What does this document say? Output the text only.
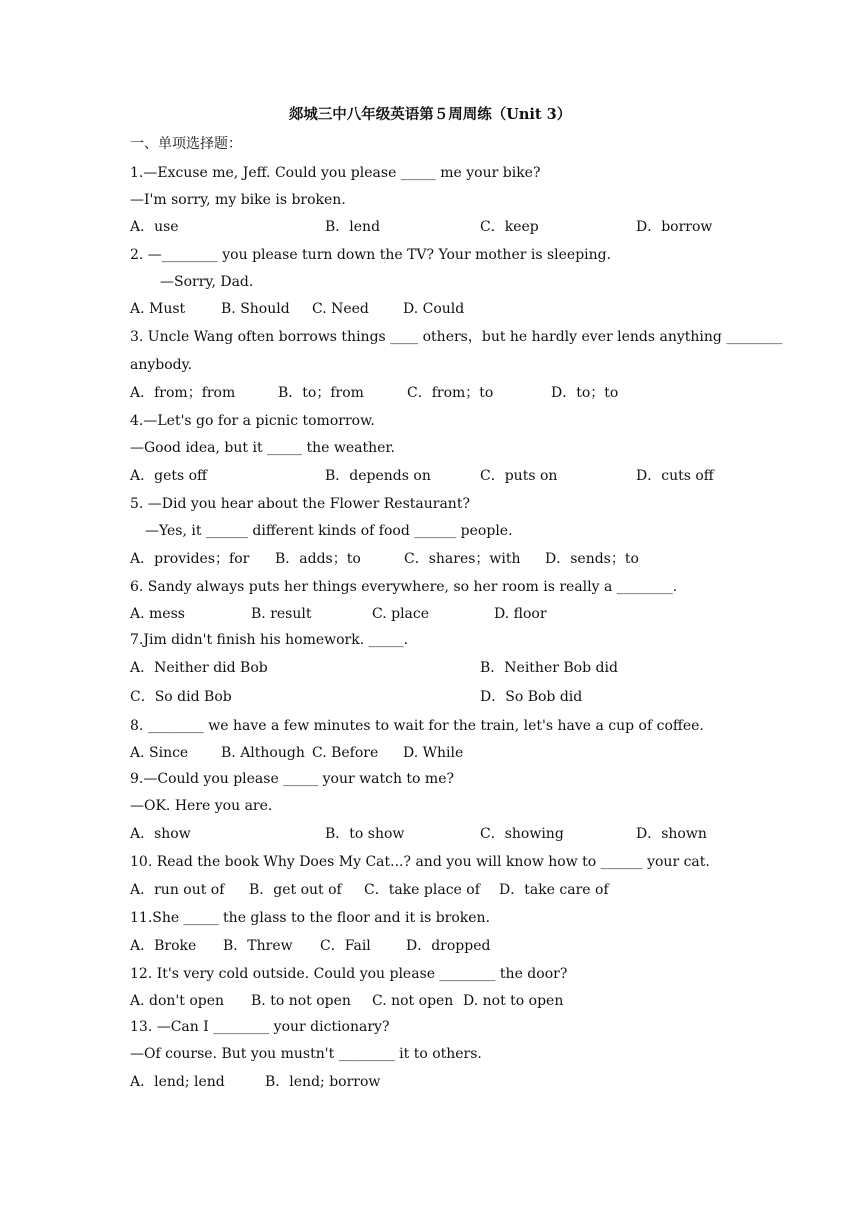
郯城三中八年级英语第５周周练（Unit 3）
一、单项选择题：
1.—Excuse me, Jeff. Could you please _____ me your bike?
—I'm sorry, my bike is broken.
A．use	B．lend	C．keep	D．borrow
2. —________ you please turn down the TV? Your mother is sleeping.
—Sorry, Dad.
A. Must	B. Should C. Need D. Could
3. Uncle Wang often borrows things ____ others，but he hardly ever lends anything ________
anybody.
A．from；from	B．to；from	C．from；to	D．to；to
4.—Let's go for a picnic tomorrow.
—Good idea, but it _____ the weather.
A．gets off	B．depends on	C．puts on	D．cuts off
5. —Did you hear about the Flower Restaurant?
—Yes, it ______ different kinds of food ______ people.
A．provides；for B．adds；to	C．shares；with D．sends；to
6. Sandy always puts her things everywhere, so her room is really a ________.
A. mess	B. result	C. place	D. floor
7.Jim didn't finish his homework. _____.
A．Neither did Bob	B．Neither Bob did
C．So did Bob	D．So Bob did
8. ________ we have a few minutes to wait for the train, let's have a cup of coffee.
A. Since B. Although C. Before D. While
9.—Could you please _____ your watch to me?
—OK. Here you are.
A．show	B．to show	C．showing	D．shown
10. Read the book Why Does My Cat...? and you will know how to ______ your cat.
A．run out of B．get out of C．take place of D．take care of
11.She _____ the glass to the floor and it is broken.
A．Broke B．Threw C．Fail	D．dropped
12. It's very cold outside. Could you please ________ the door?
A. don't open B. to not open C. not open D. not to open
13. —Can I ________ your dictionary?
—Of course. But you mustn't ________ it to others.
A．lend; lend	B．lend; borrow
